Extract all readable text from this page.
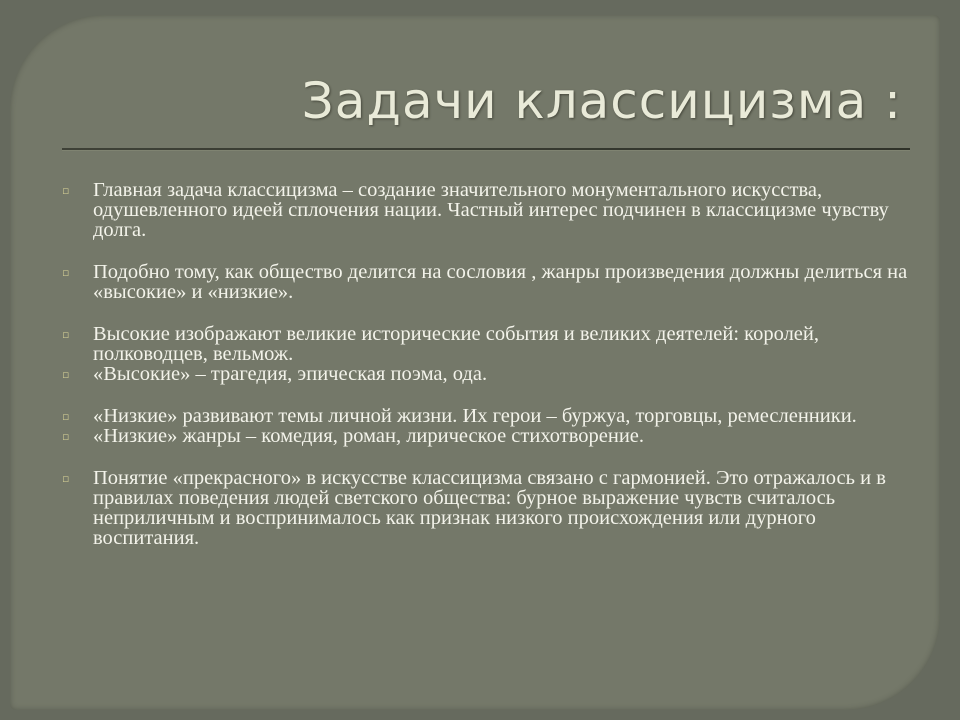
Задачи классицизма :
▫ Главная задача классицизма – создание значительного монументального искусства, одушевленного идеей сплочения нации. Частный интерес подчинен в классицизме чувству долга.
▫ Подобно тому, как общество делится на сословия , жанры произведения должны делиться на «высокие» и «низкие».
▫ Высокие изображают великие исторические события и великих деятелей: королей, полководцев, вельмож.
▫ «Высокие» – трагедия, эпическая поэма, ода.
▫ «Низкие» развивают темы личной жизни. Их герои – буржуа, торговцы, ремесленники.
▫ «Низкие» жанры – комедия, роман, лирическое стихотворение.
▫ Понятие «прекрасного» в искусстве классицизма связано с гармонией. Это отражалось и в правилах поведения людей светского общества: бурное выражение чувств считалось неприличным и воспринималось как признак низкого происхождения или дурного воспитания.
